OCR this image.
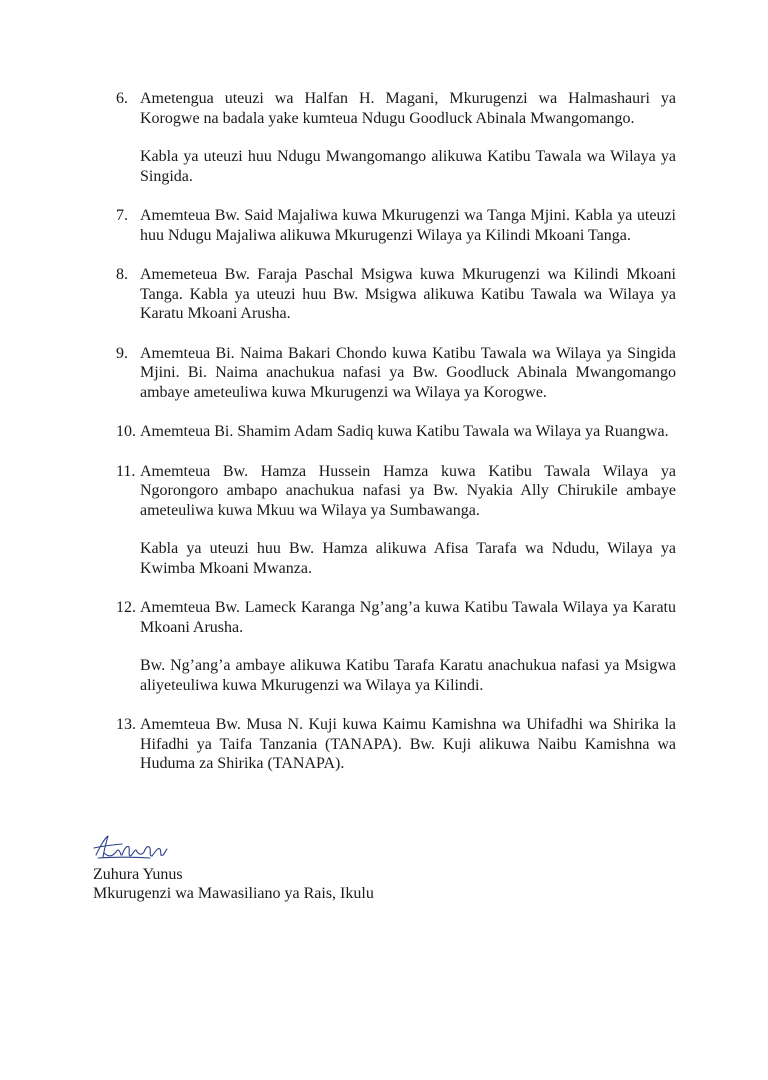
6. Ametengua uteuzi wa Halfan H. Magani, Mkurugenzi wa Halmashauri ya Korogwe na badala yake kumteua Ndugu Goodluck Abinala Mwangomango.

Kabla ya uteuzi huu Ndugu Mwangomango alikuwa Katibu Tawala wa Wilaya ya Singida.

7. Amemteua Bw. Said Majaliwa kuwa Mkurugenzi wa Tanga Mjini. Kabla ya uteuzi huu Ndugu Majaliwa alikuwa Mkurugenzi Wilaya ya Kilindi Mkoani Tanga.

8. Amemeteua Bw. Faraja Paschal Msigwa kuwa Mkurugenzi wa Kilindi Mkoani Tanga. Kabla ya uteuzi huu Bw. Msigwa alikuwa Katibu Tawala wa Wilaya ya Karatu Mkoani Arusha.

9. Amemteua Bi. Naima Bakari Chondo kuwa Katibu Tawala wa Wilaya ya Singida Mjini. Bi. Naima anachukua nafasi ya Bw. Goodluck Abinala Mwangomango ambaye ameteuliwa kuwa Mkurugenzi wa Wilaya ya Korogwe.

10. Amemteua Bi. Shamim Adam Sadiq kuwa Katibu Tawala wa Wilaya ya Ruangwa.

11. Amemteua Bw. Hamza Hussein Hamza kuwa Katibu Tawala Wilaya ya Ngorongoro ambapo anachukua nafasi ya Bw. Nyakia Ally Chirukile ambaye ameteuliwa kuwa Mkuu wa Wilaya ya Sumbawanga.

Kabla ya uteuzi huu Bw. Hamza alikuwa Afisa Tarafa wa Ndudu, Wilaya ya Kwimba Mkoani Mwanza.

12. Amemteua Bw. Lameck Karanga Ng’ang’a kuwa Katibu Tawala Wilaya ya Karatu Mkoani Arusha.

Bw. Ng’ang’a ambaye alikuwa Katibu Tarafa Karatu anachukua nafasi ya Msigwa aliyeteuliwa kuwa Mkurugenzi wa Wilaya ya Kilindi.

13. Amemteua Bw. Musa N. Kuji kuwa Kaimu Kamishna wa Uhifadhi wa Shirika la Hifadhi ya Taifa Tanzania (TANAPA). Bw. Kuji alikuwa Naibu Kamishna wa Huduma za Shirika (TANAPA).

Zuhura Yunus
Mkurugenzi wa Mawasiliano ya Rais, Ikulu
